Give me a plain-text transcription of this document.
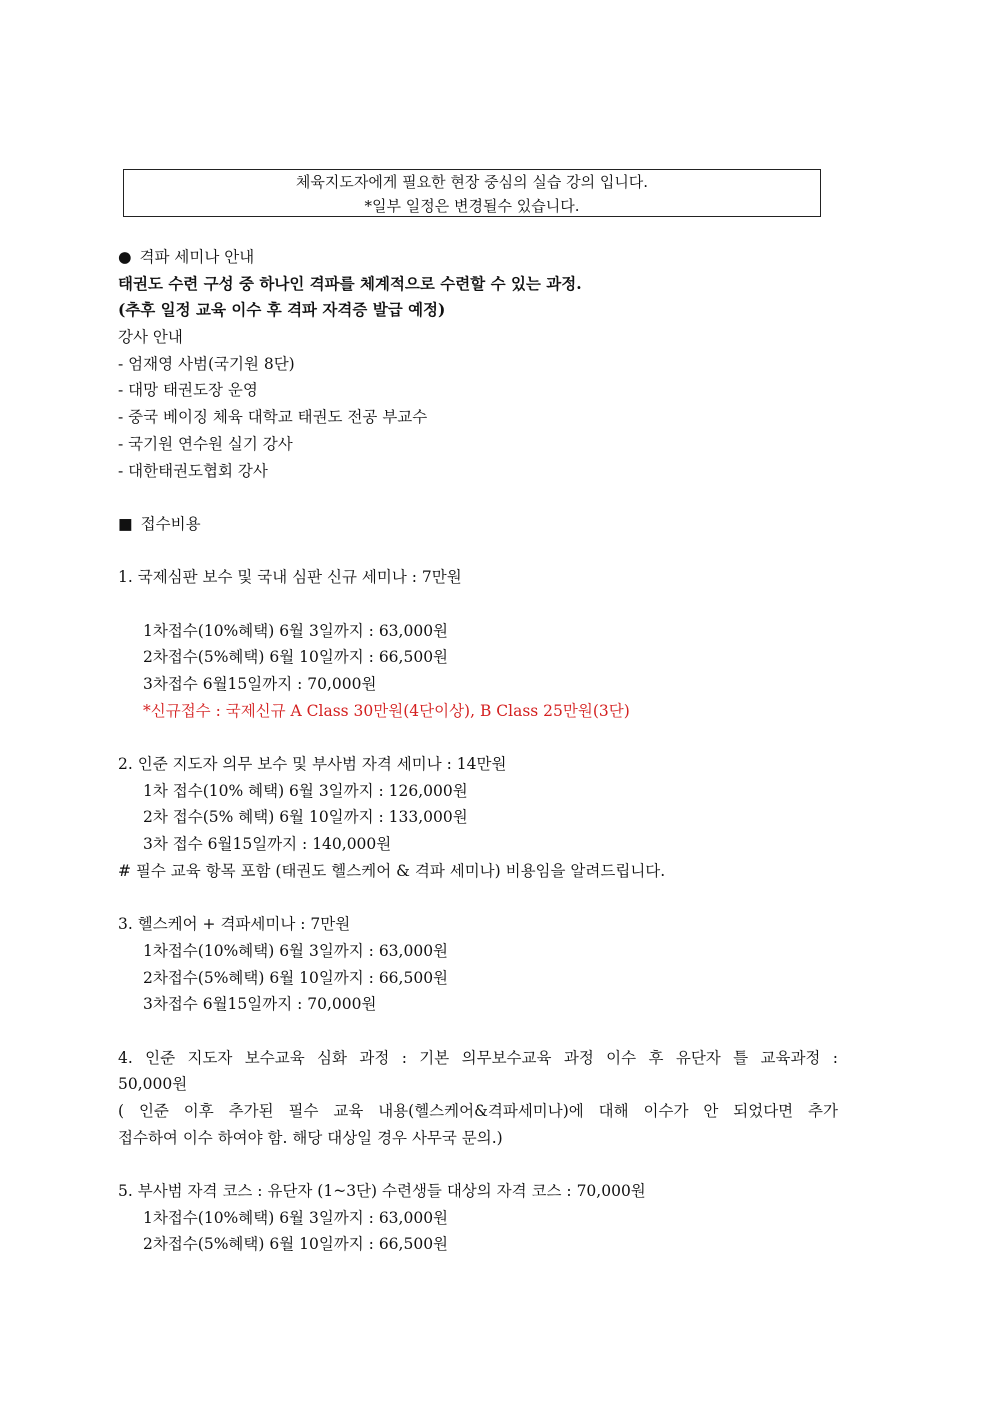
체육지도자에게 필요한 현장 중심의 실습 강의 입니다.
*일부 일정은 변경될수 있습니다.
● 격파 세미나 안내
태권도 수련 구성 중 하나인 격파를 체계적으로 수련할 수 있는 과정.
(추후 일정 교육 이수 후 격파 자격증 발급 예정)
강사 안내
- 엄재영 사범(국기원 8단)
- 대망 태권도장 운영
- 중국 베이징 체육 대학교 태권도 전공 부교수
- 국기원 연수원 실기 강사
- 대한태권도협회 강사
■ 접수비용
1. 국제심판 보수 및 국내 심판 신규 세미나 : 7만원
1차접수(10%혜택) 6월 3일까지 : 63,000원
2차접수(5%혜택) 6월 10일까지 : 66,500원
3차접수 6월15일까지 : 70,000원
*신규접수 : 국제신규 A Class 30만원(4단이상), B Class 25만원(3단)
2. 인준 지도자 의무 보수 및 부사범 자격 세미나 : 14만원
1차 접수(10% 혜택) 6월 3일까지 : 126,000원
2차 접수(5% 혜택) 6월 10일까지 : 133,000원
3차 접수 6월15일까지 : 140,000원
# 필수 교육 항목 포함 (태권도 헬스케어 & 격파 세미나) 비용임을 알려드립니다.
3. 헬스케어 + 격파세미나 : 7만원
1차접수(10%혜택) 6월 3일까지 : 63,000원
2차접수(5%혜택) 6월 10일까지 : 66,500원
3차접수 6월15일까지 : 70,000원
4. 인준 지도자 보수교육 심화 과정 : 기본 의무보수교육 과정 이수 후 유단자 틀 교육과정 :
50,000원
( 인준 이후 추가된 필수 교육 내용(헬스케어&격파세미나)에 대해 이수가 안 되었다면 추가
접수하여 이수 하여야 함. 해당 대상일 경우 사무국 문의.)
5. 부사범 자격 코스 : 유단자 (1~3단) 수련생들 대상의 자격 코스 : 70,000원
1차접수(10%혜택) 6월 3일까지 : 63,000원
2차접수(5%혜택) 6월 10일까지 : 66,500원
